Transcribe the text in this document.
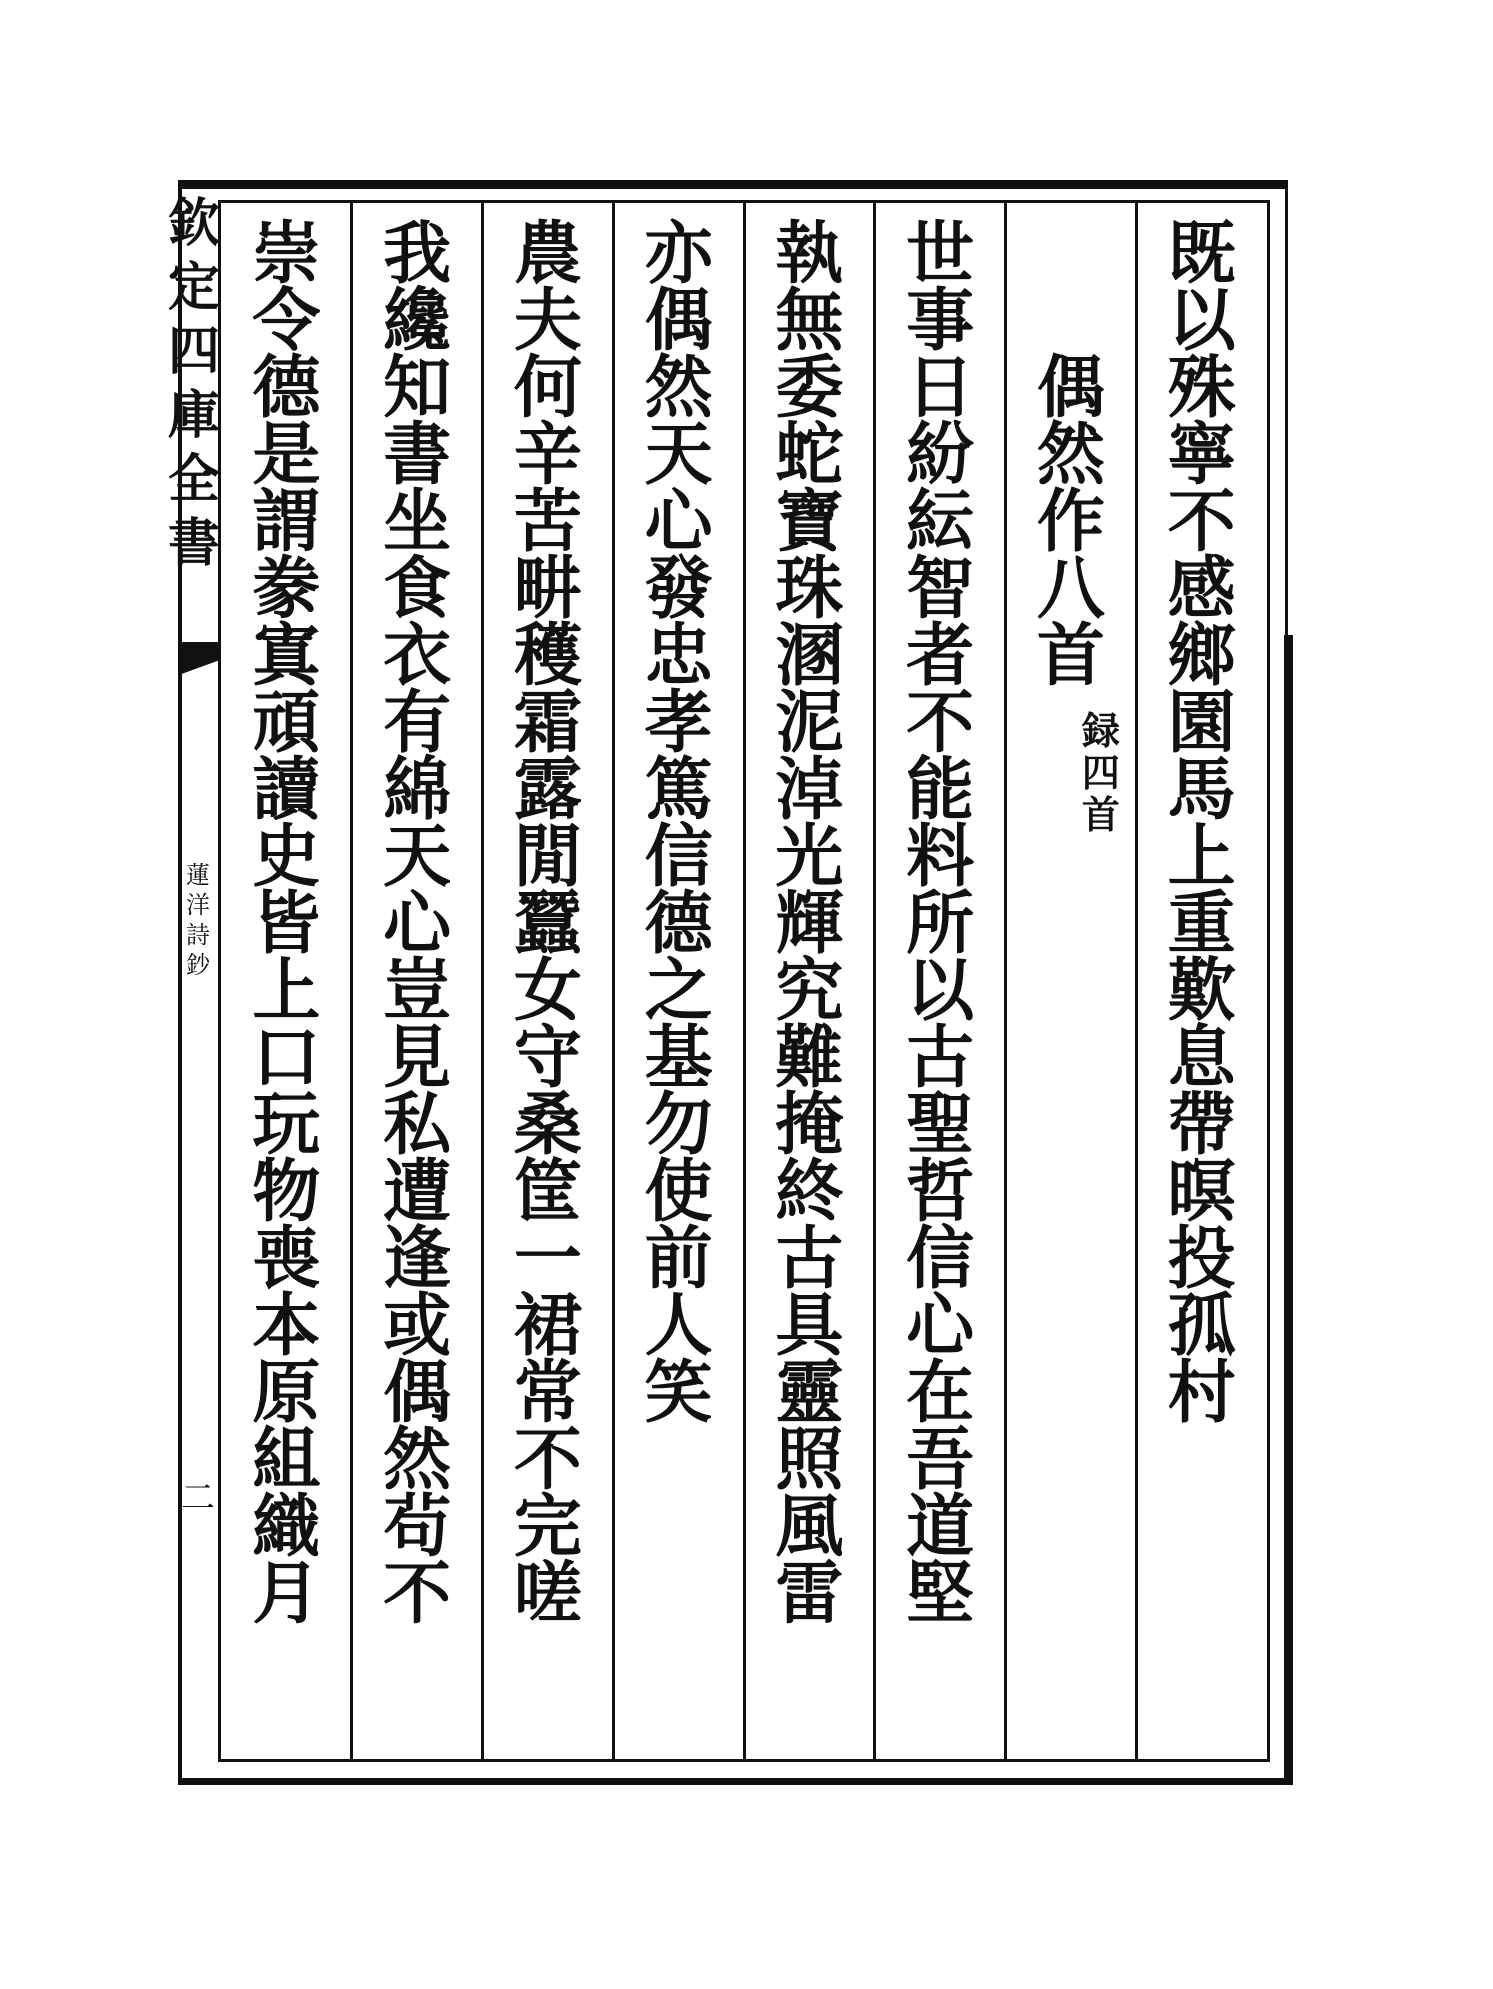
欽
定
四
庫
全
書
蓮
洋
詩
鈔
二
既
以
殊
寧
不
感
鄉
園
馬
上
重
歎
息
帶
暝
投
孤
村
偶
然
作
八
首
録
四
首
世
事
日
紛
紜
智
者
不
能
料
所
以
古
聖
哲
信
心
在
吾
道
堅
執
無
委
蛇
寶
珠
溷
泥
淖
光
輝
究
難
掩
終
古
具
靈
照
風
雷
亦
偶
然
天
心
發
忠
孝
篤
信
德
之
基
勿
使
前
人
笑
農
夫
何
辛
苦
畊
穫
霜
露
閒
蠶
女
守
桑
筐
一
裙
常
不
完
嗟
我
纔
知
書
坐
食
衣
有
綿
天
心
豈
見
私
遭
逢
或
偶
然
茍
不
崇
令
德
是
謂
豢
寘
頑
讀
史
皆
上
口
玩
物
喪
本
原
組
織
月
